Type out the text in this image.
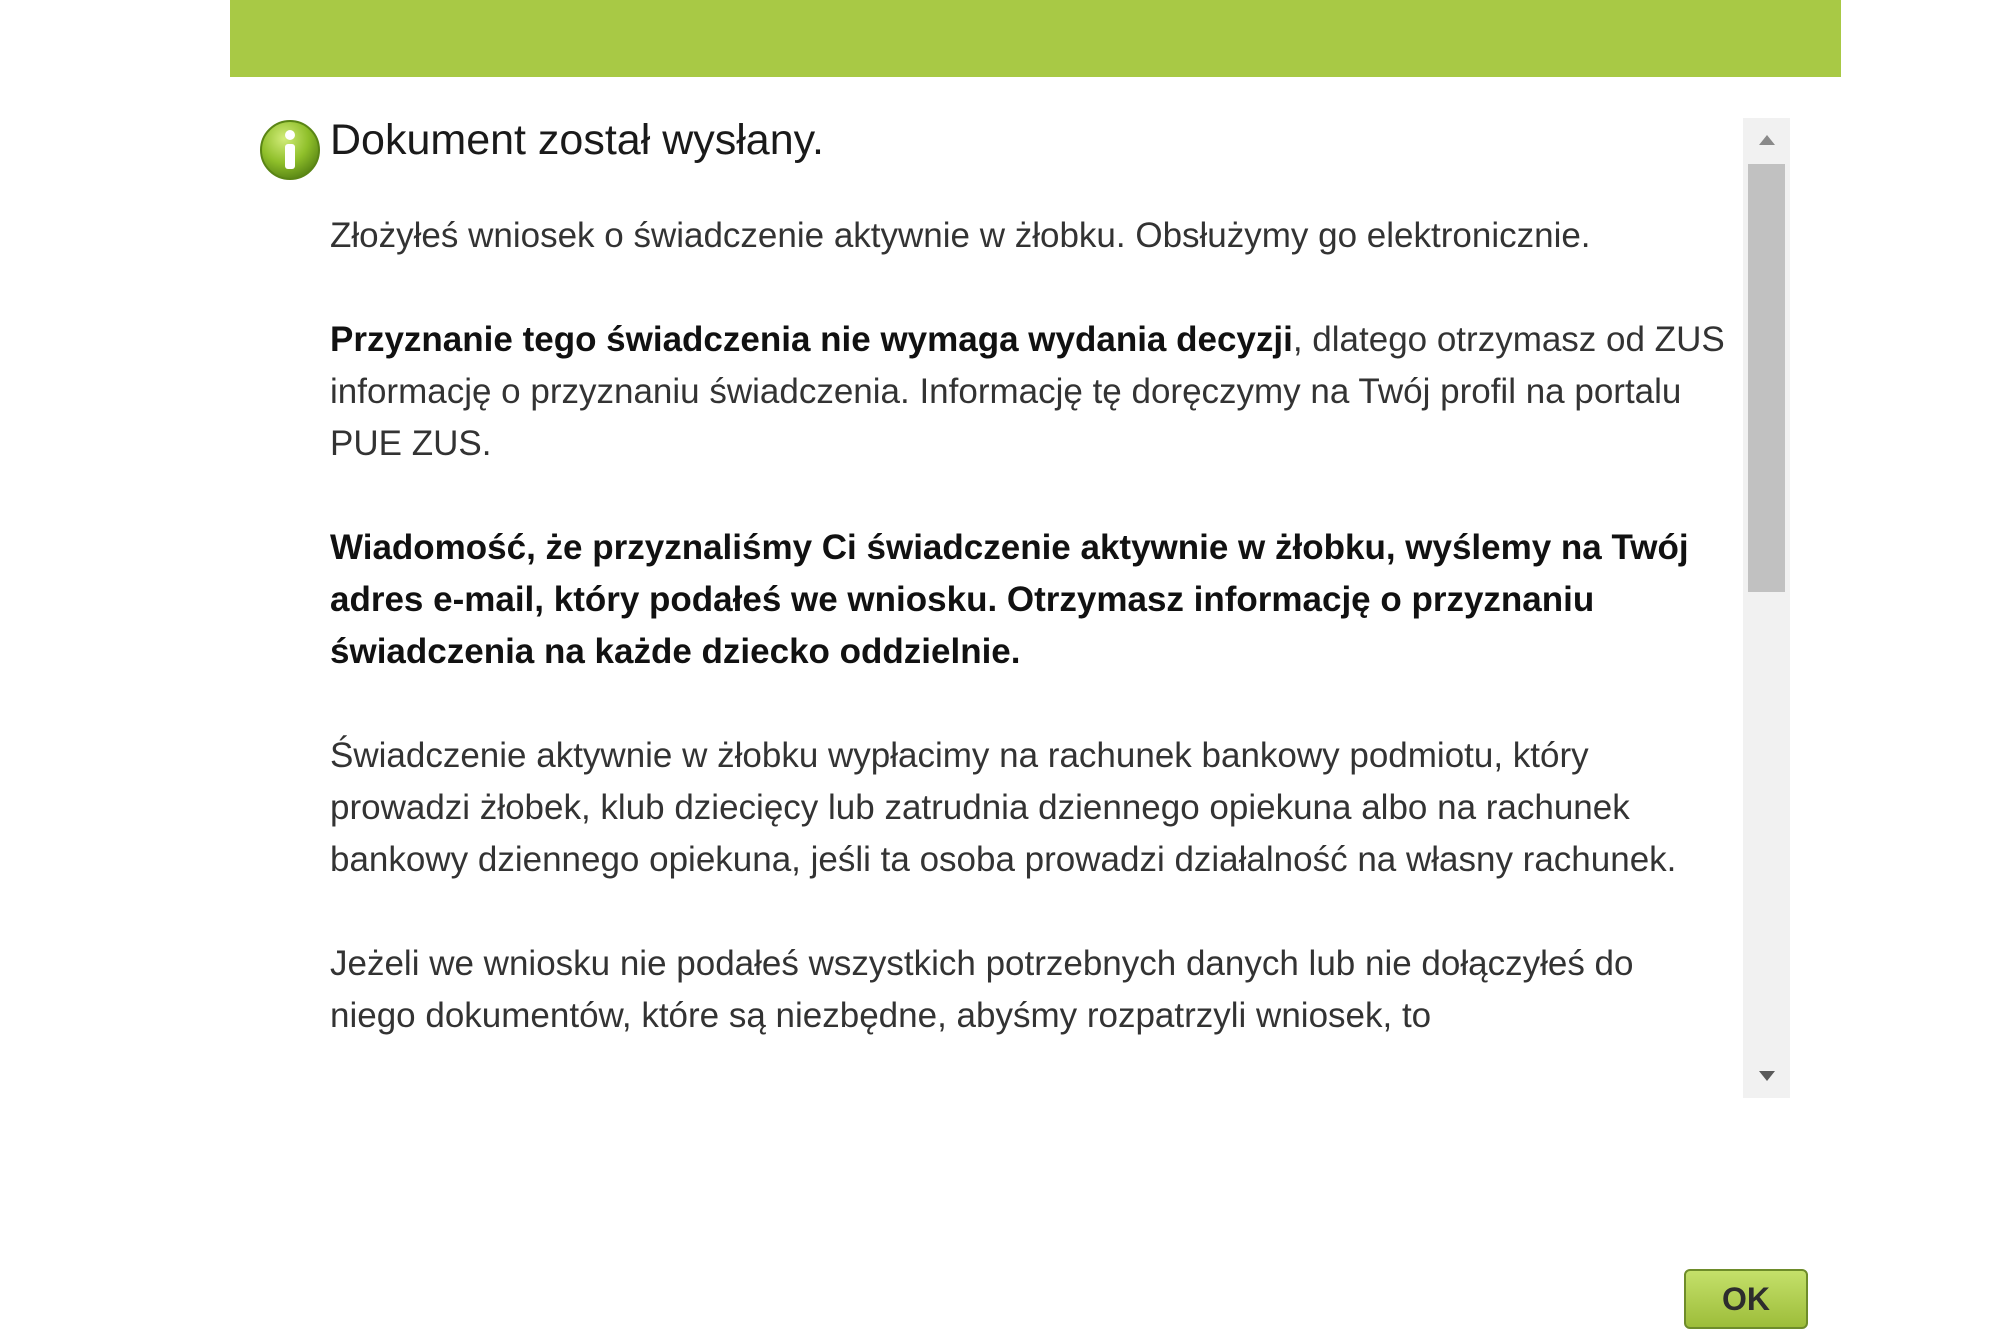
Dokument został wysłany.

Złożyłeś wniosek o świadczenie aktywnie w żłobku. Obsłużymy go elektronicznie.

Przyznanie tego świadczenia nie wymaga wydania decyzji, dlatego otrzymasz od ZUS informację o przyznaniu świadczenia. Informację tę doręczymy na Twój profil na portalu PUE ZUS.

Wiadomość, że przyznaliśmy Ci świadczenie aktywnie w żłobku, wyślemy na Twój adres e-mail, który podałeś we wniosku. Otrzymasz informację o przyznaniu świadczenia na każde dziecko oddzielnie.

Świadczenie aktywnie w żłobku wypłacimy na rachunek bankowy podmiotu, który prowadzi żłobek, klub dziecięcy lub zatrudnia dziennego opiekuna albo na rachunek bankowy dziennego opiekuna, jeśli ta osoba prowadzi działalność na własny rachunek.

Jeżeli we wniosku nie podałeś wszystkich potrzebnych danych lub nie dołączyłeś do niego dokumentów, które są niezbędne, abyśmy rozpatrzyli wniosek, to

OK
